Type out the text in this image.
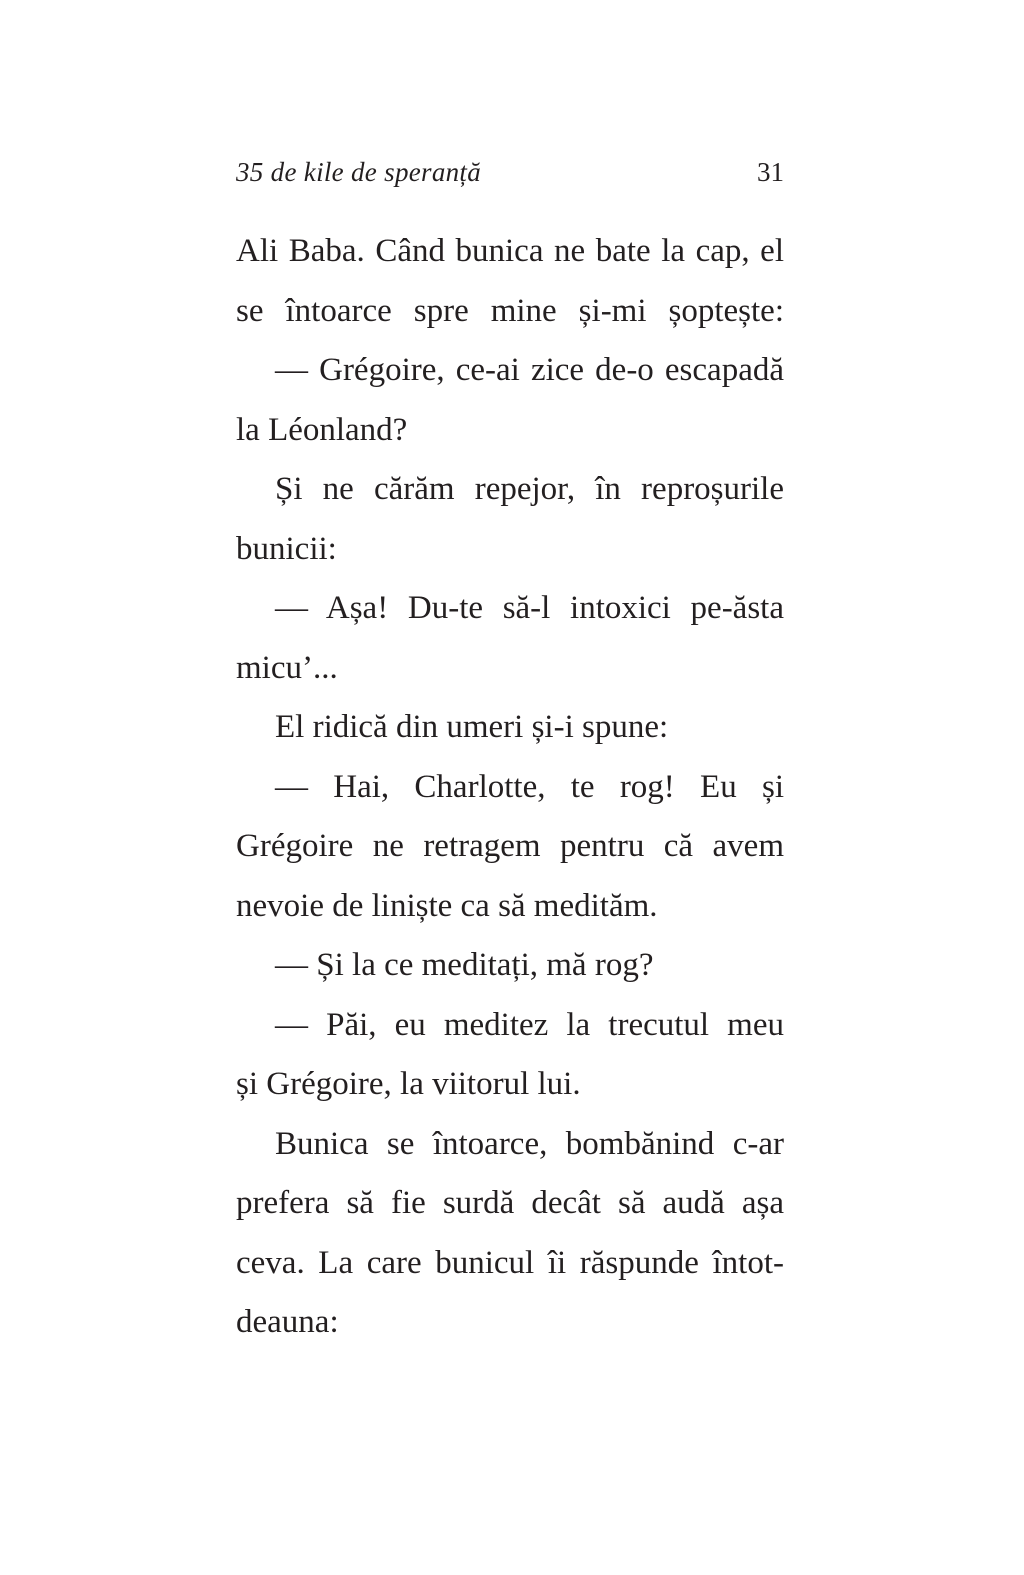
35 de kile de speranță	31
Ali Baba. Când bunica ne bate la cap, el
se întoarce spre mine și-mi șoptește:
— Grégoire, ce-ai zice de-o escapadă
la Léonland?
Și ne cărăm repejor, în reproșurile
bunicii:
— Așa! Du-te să-l intoxici pe-ăsta
micu’...
El ridică din umeri și-i spune:
— Hai, Charlotte, te rog! Eu și
Grégoire ne retragem pentru că avem
nevoie de liniște ca să medităm.
— Și la ce meditați, mă rog?
— Păi, eu meditez la trecutul meu
și Grégoire, la viitorul lui.
Bunica se întoarce, bombănind c-ar
prefera să fie surdă decât să audă așa
ceva. La care bunicul îi răspunde întot-
deauna:
